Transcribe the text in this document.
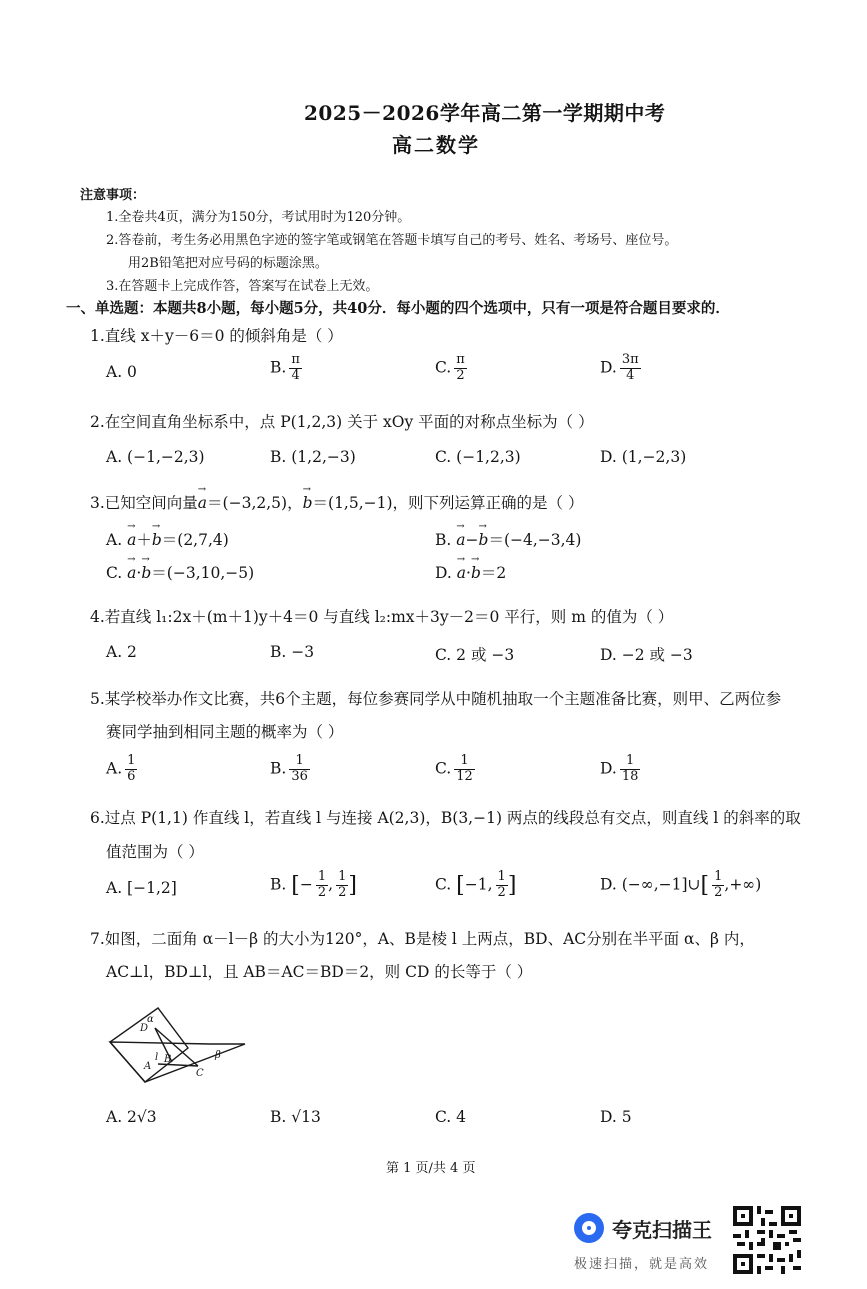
2025－2026学年高二第一学期期中考
高二数学
注意事项：
1.全卷共4页，满分为150分，考试用时为120分钟。
2.答卷前，考生务必用黑色字迹的签字笔或钢笔在答题卡填写自己的考号、姓名、考场号、座位号。
用2B铅笔把对应号码的标题涂黑。
3.在答题卡上完成作答，答案写在试卷上无效。
一、单选题：本题共8小题，每小题5分，共40分．每小题的四个选项中，只有一项是符合题目要求的．
1.直线 x＋y－6＝0 的倾斜角是（ ）
A. 0	B. $\frac{\pi}{4}$	C. $\frac{\pi}{2}$	D. $\frac{3\pi}{4}$
2.在空间直角坐标系中，点 P(1,2,3) 关于 xOy 平面的对称点坐标为（ ）
A. (−1,−2,3)	B. (1,2,−3)	C. (−1,2,3)	D. (1,−2,3)
3.已知空间向量→ a＝(−3,2,5)，→ b＝(1,5,−1)，则下列运算正确的是（ ）
A. → a＋→ b＝(2,7,4)	B. → a−→ b＝(−4,−3,4)
C. → a·→ b＝(−3,10,−5)	D. → a·→ b＝2
4.若直线 l₁:2x＋(m＋1)y＋4＝0 与直线 l₂:mx＋3y－2＝0 平行，则 m 的值为（ ）
A. 2	B. −3	C. 2 或 −3	D. −2 或 −3
5.某学校举办作文比赛，共6个主题，每位参赛同学从中随机抽取一个主题准备比赛，则甲、乙两位参
赛同学抽到相同主题的概率为（ ）
A. $\frac{1}{6}$	B. $\frac{1}{36}$	C. $\frac{1}{12}$	D. $\frac{1}{18}$
6.过点 P(1,1) 作直线 l，若直线 l 与连接 A(2,3)，B(3,−1) 两点的线段总有交点，则直线 l 的斜率的取
值范围为（ ）
A. [−1,2]	B. [− $\frac{1}{2}$ , $\frac{1}{2}$ ]	C. [−1, $\frac{1}{2}$ ]	D. (−∞,−1]∪[ $\frac{1}{2}$ ,+∞)
7.如图，二面角 α－l－β 的大小为120°，A、B是棱 l 上两点，BD、AC分别在半平面 α、β 内，
AC⊥l，BD⊥l，且 AB＝AC＝BD＝2，则 CD 的长等于（ ）
D
α
A
l B
C
β
A. 2√3	B. √13	C. 4	D. 5
第 1 页/共 4 页
夸克扫描王
极速扫描，就是高效
